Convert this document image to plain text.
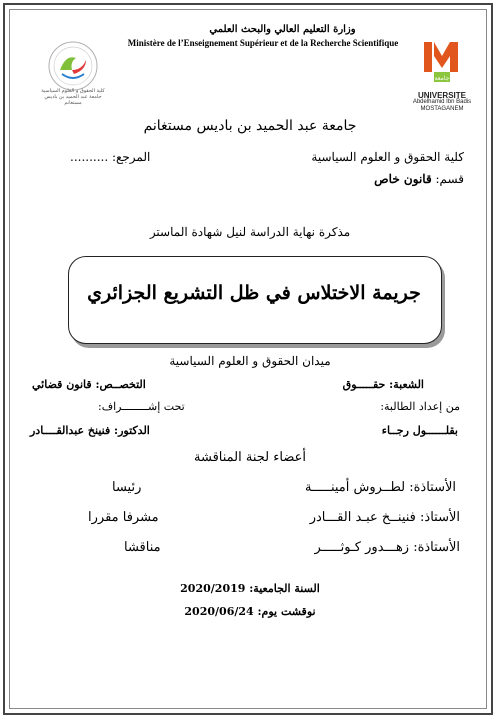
كلية الحقوق و العلوم السياسية جامعة عبد الحميد بن باديس مستغانم
وزارة التعليم العالي والبحث العلمي
Ministère de l’Enseignement Supérieur et de la Recherche Scientifique
جامعة
UNIVERSITE
Abdelhamid Ibn Badis
MOSTAGANEM
جامعة عبد الحميد بن باديس مستغانم
كلية الحقوق و العلوم السياسية
المرجع: ..........
قسم: قانون خاص
مذكرة نهاية الدراسة لنيل شهادة الماستر
جريمة الاختلاس في ظل التشريع الجزائري
ميدان الحقوق و العلوم السياسية
الشعبة: حقـــــوق
التخصــص: قانون قضائي
من إعداد الطالبة:
تحت إشــــــــراف:
بقلــــــول رجــاء
الدكتور: فنينخ عبدالقــــادر
أعضاء لجنة المناقشة
الأستاذة: لطــروش أمينـــــة
رئيسا
الأستاذ: فنينــخ عبـد القـــادر
مشرفا مقررا
الأستاذة: زهـــدور كـوثـــــر
مناقشا
السنة الجامعية: 2020/2019
نوقشت يوم: 2020/06/24
